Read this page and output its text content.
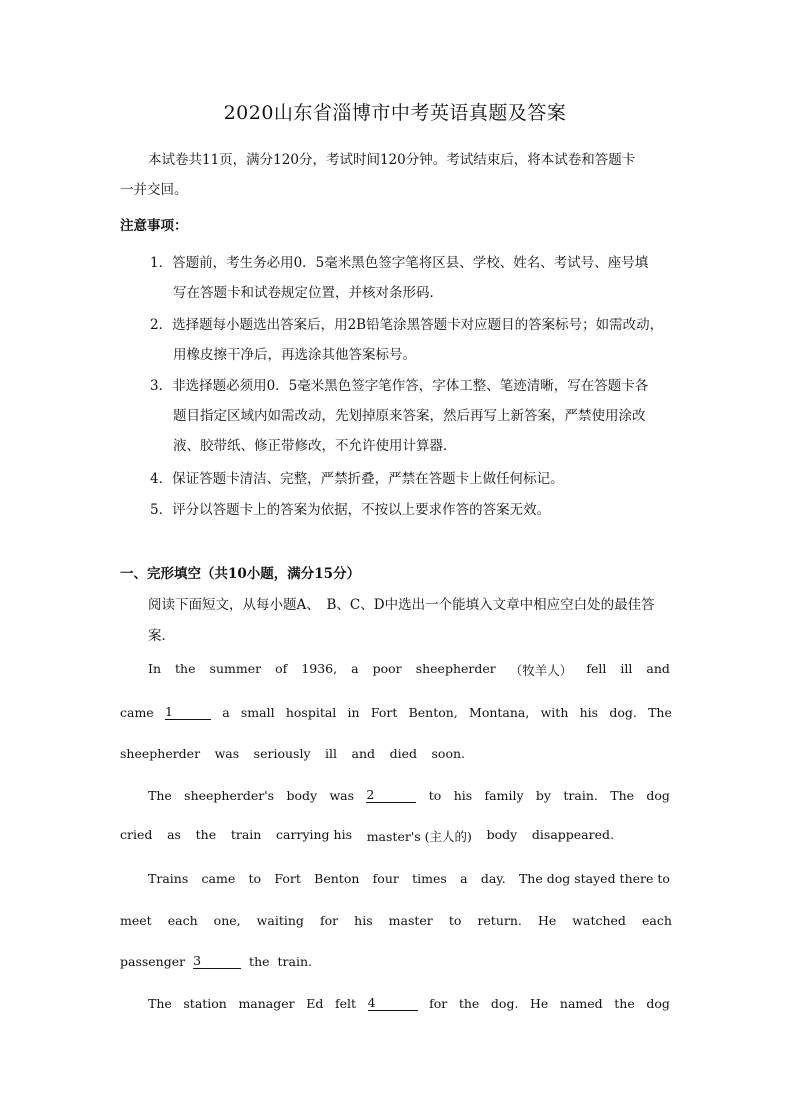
2020山东省淄博市中考英语真题及答案
本试卷共11页，满分120分，考试时间120分钟。考试结束后，将本试卷和答题卡
一并交回。
注意事项：
1．答题前，考生务必用0．5毫米黑色签字笔将区县、学校、姓名、考试号、座号填
写在答题卡和试卷规定位置，并核对条形码．
2．选择题每小题选出答案后，用2B铅笔涂黑答题卡对应题目的答案标号；如需改动，
用橡皮擦干净后，再选涂其他答案标号。
3．非选择题必须用0．5毫米黑色签字笔作答，字体工整、笔迹清晰，写在答题卡各
题目指定区域内如需改动，先划掉原来答案，然后再写上新答案，严禁使用涂改
液、胶带纸、修正带修改，不允许使用计算器．
4．保证答题卡清洁、完整，严禁折叠，严禁在答题卡上做任何标记。
5．评分以答题卡上的答案为依据，不按以上要求作答的答案无效。
一、完形填空（共10小题，满分15分）
阅读下面短文，从每小题A、　B、C、D中选出一个能填入文章中相应空白处的最佳答
案．
In the summer of 1936, a poor sheepherder （牧羊人） fell ill and
came 1	a small hospital in Fort Benton, Montana, with his dog. The
sheepherder was seriously ill and died soon.
The sheepherder's body was 2	to his family by train. The dog
cried as the train carrying his master's (主人的) body disappeared.
Trains came to Fort Benton four times a day. The dog stayed there to
meet each one, waiting for his master to return. He watched each
passenger 3	the train.
The station manager Ed felt 4	for the dog. He named the dog
